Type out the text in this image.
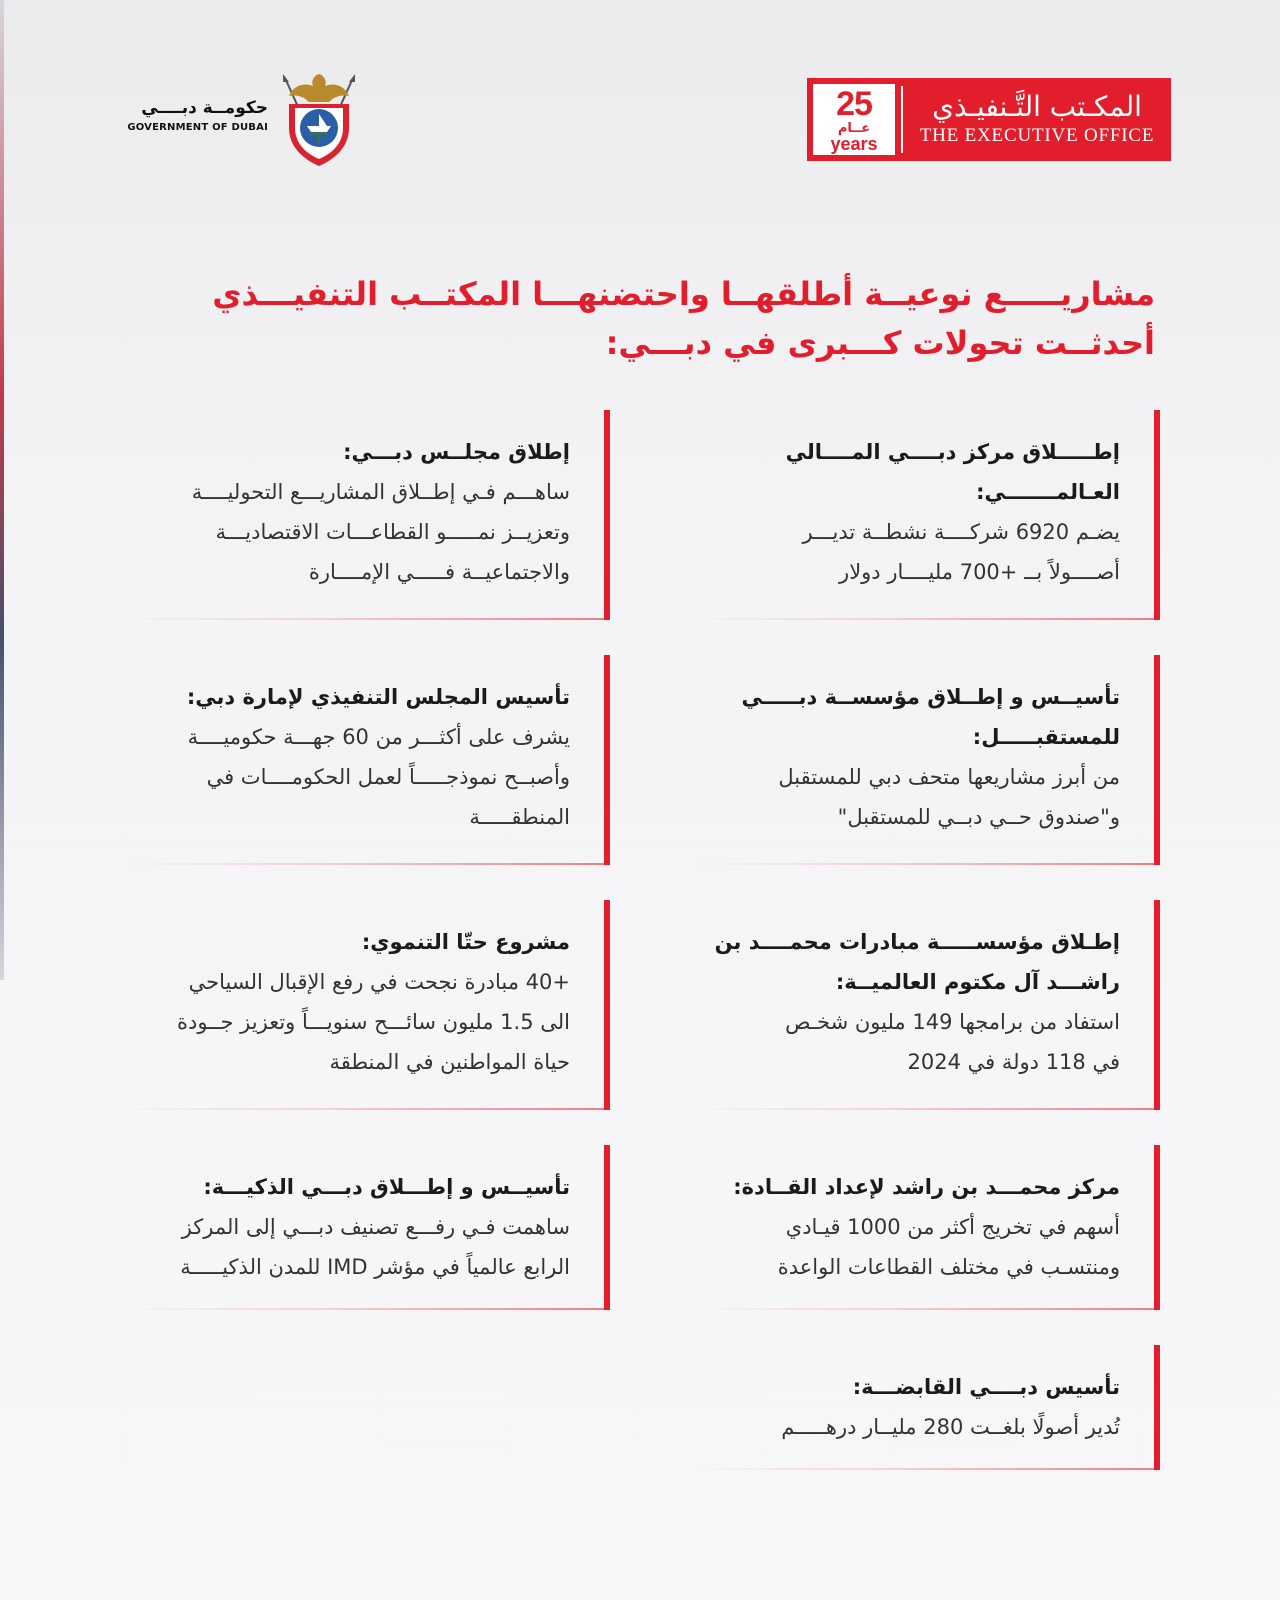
حكومــة دبــــي
GOVERNMENT OF DUBAI
25
عــام
years
المكـتب التَّـنفيـذي
THE EXECUTIVE OFFICE
مشاريـــــع نوعيــة أطلقهــا واحتضنهـــا المكتــب التنفيـــذي
أحدثــت تحولات كـــبرى في دبـــي:
إطـــــلاق مركز دبــــي المــــالي العـالمـــــــي:
يضـم 6920 شركــــة نشطــة تديـــر
أصــــولاً بــ +700 مليــــار دولار
إطلاق مجلــس دبـــي:
ساهـــم فـي إطــلاق المشاريـــع التحوليــــة
وتعزيــز نمـــــو القطاعـــات الاقتصاديـــة
والاجتماعيــة فـــــي الإمــــارة
تأسيــس و إطــلاق مؤسســة دبـــــي للمستقبـــــل:
من أبرز مشاريعها متحف دبي للمستقبل
و"صندوق حــي دبــي للمستقبل"
تأسيس المجلس التنفيذي لإمارة دبي:
يشرف على أكثـــر من 60 جهـــة حكوميــــة
وأصبــح نموذجـــــاً لعمل الحكومــــات في
المنطقـــــة
إطـلاق مؤسســـــة مبادرات محمــــد بن راشـــد آل مكتوم العالميــة:
استفاد من برامجها 149 مليون شخـص
في 118 دولة في 2024
مشروع حتّا التنموي:
+40 مبادرة نجحت في رفع الإقبال السياحي
الى 1.5 مليون سائـــح سنويـــاً وتعزيز جــودة
حياة المواطنين في المنطقة
مركز محمـــد بن راشد لإعداد القــادة:
أسهم في تخريج أكثر من 1000 قيـادي
ومنتسـب في مختلف القطاعات الواعدة
تأسيــس و إطـــلاق دبـــي الذكيـــة:
ساهمت فـي رفـــع تصنيف دبـــي إلى المركز
الرابع عالمياً في مؤشر IMD للمدن الذكيـــــة
تأسيس دبــــي القابضـــة:
تُدير أصولًا بلغــت 280 مليــار درهـــــم
